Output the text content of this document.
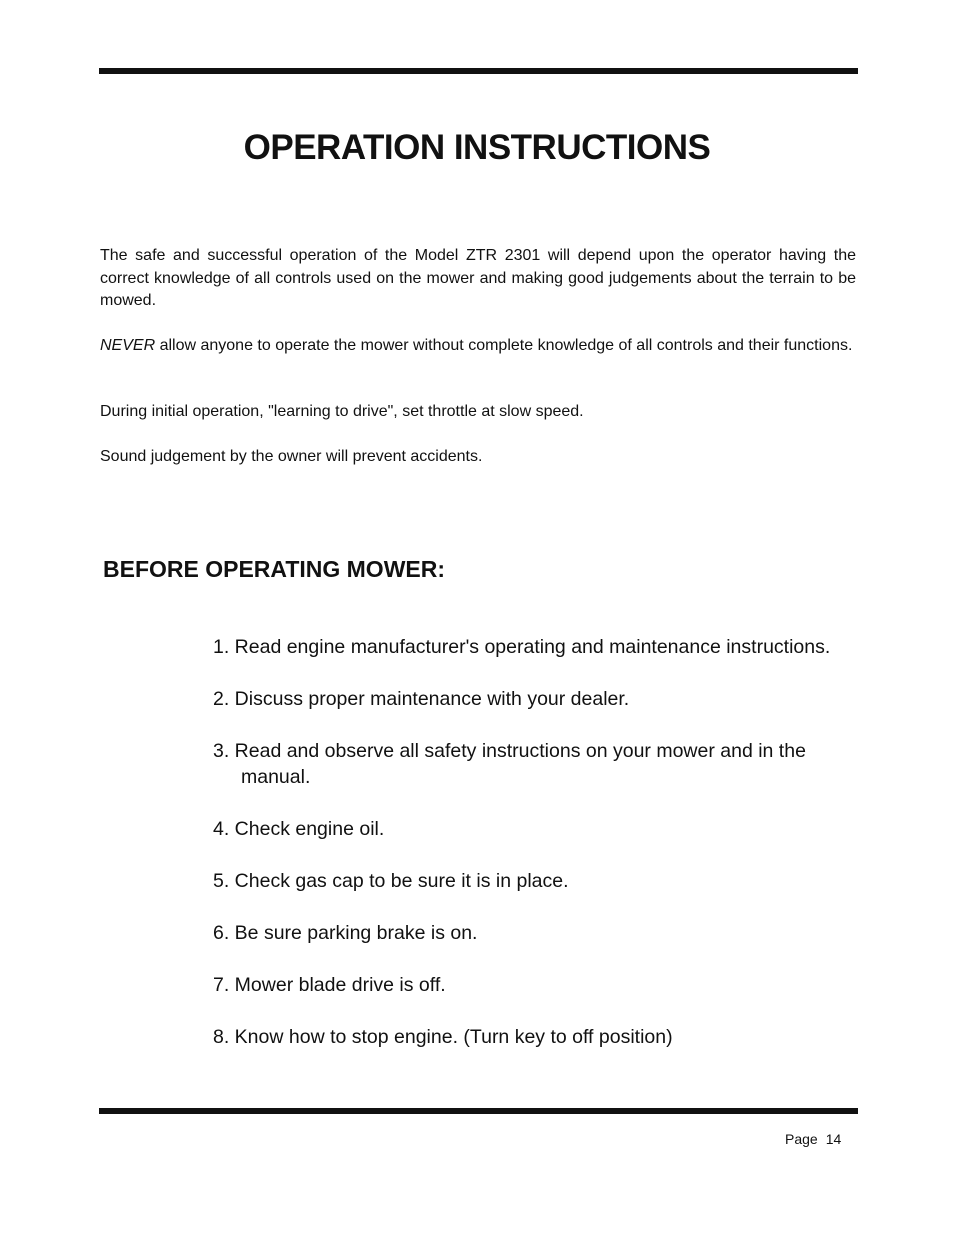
OPERATION INSTRUCTIONS

The safe and successful operation of the Model ZTR 2301 will depend upon the operator having the correct knowledge of all controls used on the mower and making good judgements about the terrain to be mowed.

NEVER allow anyone to operate the mower without complete knowledge of all controls and their functions.

During initial operation, "learning to drive", set throttle at slow speed.

Sound judgement by the owner will prevent accidents.

BEFORE OPERATING MOWER:
1. Read engine manufacturer's operating and maintenance instructions.
2. Discuss proper maintenance with your dealer.
3. Read and observe all safety instructions on your mower and in the manual.
4. Check engine oil.
5. Check gas cap to be sure it is in place.
6. Be sure parking brake is on.
7. Mower blade drive is off.
8. Know how to stop engine. (Turn key to off position)
Page 14
